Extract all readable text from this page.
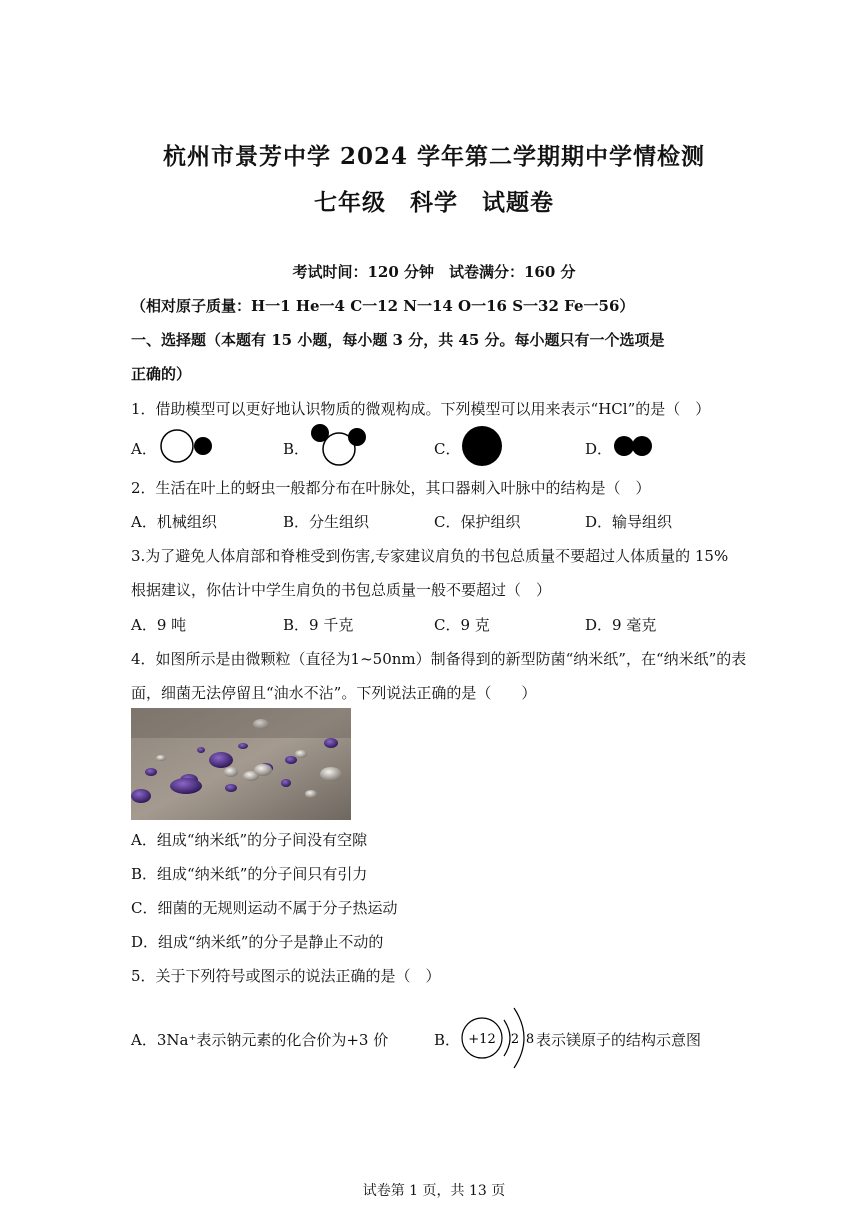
杭州市景芳中学 2024 学年第二学期期中学情检测
七年级　科学　试题卷
考试时间：120 分钟　试卷满分：160 分
（相对原子质量：H一1 He一4 C一12 N一14 O一16 S一32 Fe一56）
一、选择题（本题有 15 小题，每小题 3 分，共 45 分。每小题只有一个选项是
正确的）
1．借助模型可以更好地认识物质的微观构成。下列模型可以用来表示“HCl”的是（　）
A．	B．	C．	D．
2．生活在叶上的蚜虫一般都分布在叶脉处，其口器刺入叶脉中的结构是（　）
A．机械组织	B．分生组织	C．保护组织	D．输导组织
3.为了避免人体肩部和脊椎受到伤害,专家建议肩负的书包总质量不要超过人体质量的 15%
根据建议，你估计中学生肩负的书包总质量一般不要超过（　）
A．9 吨	B．9 千克	C．9 克	D．9 毫克
4．如图所示是由微颗粒（直径为1~50nm）制备得到的新型防菌“纳米纸”，在“纳米纸”的表
面，细菌无法停留且“油水不沾”。下列说法正确的是（　　）
A．组成“纳米纸”的分子间没有空隙
B．组成“纳米纸”的分子间只有引力
C．细菌的无规则运动不属于分子热运动
D．组成“纳米纸”的分子是静止不动的
5．关于下列符号或图示的说法正确的是（　）
A．3Na⁺表示钠元素的化合价为+3 价	B． +12 2 8 表示镁原子的结构示意图
试卷第 1 页，共 13 页
